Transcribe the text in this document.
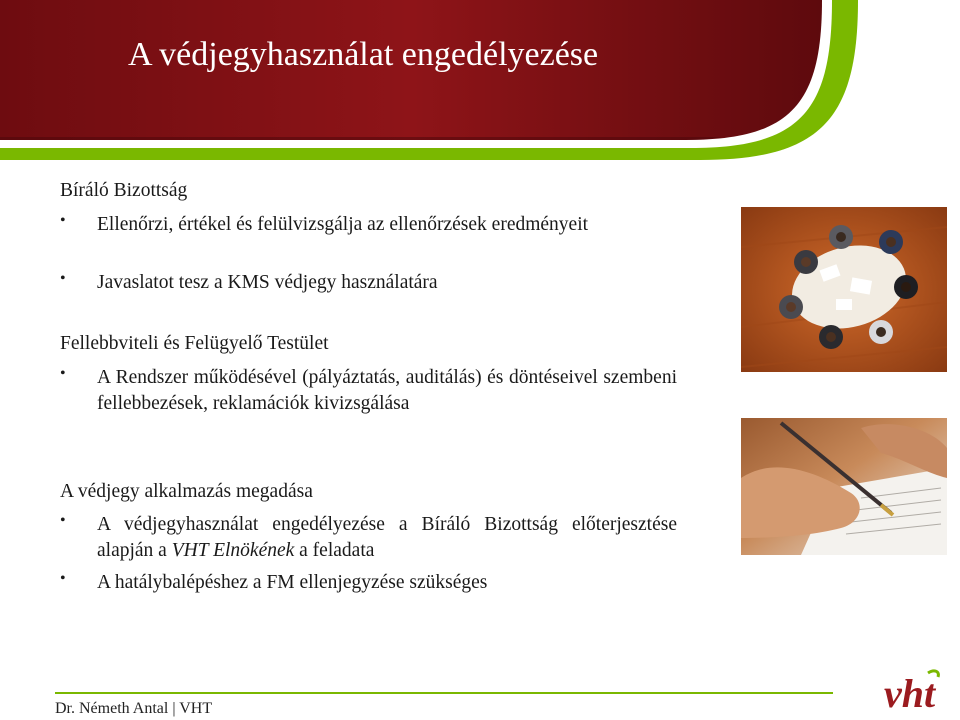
A védjegyhasználat engedélyezése
Bíráló Bizottság
•	Ellenőrzi, értékel és felülvizsgálja az ellenőrzések eredményeit
•	Javaslatot tesz a KMS védjegy használatára
Fellebbviteli és Felügyelő Testület
•	A Rendszer működésével (pályáztatás, auditálás) és döntéseivel szembeni fellebbezések, reklamációk kivizsgálása
A védjegy alkalmazás megadása
•	A védjegyhasználat engedélyezése a Bíráló Bizottság előterjesztése alapján a VHT Elnökének a feladata
•	A hatálybalépéshez a FM ellenjegyzése szükséges
Dr. Németh Antal | VHT	vht
